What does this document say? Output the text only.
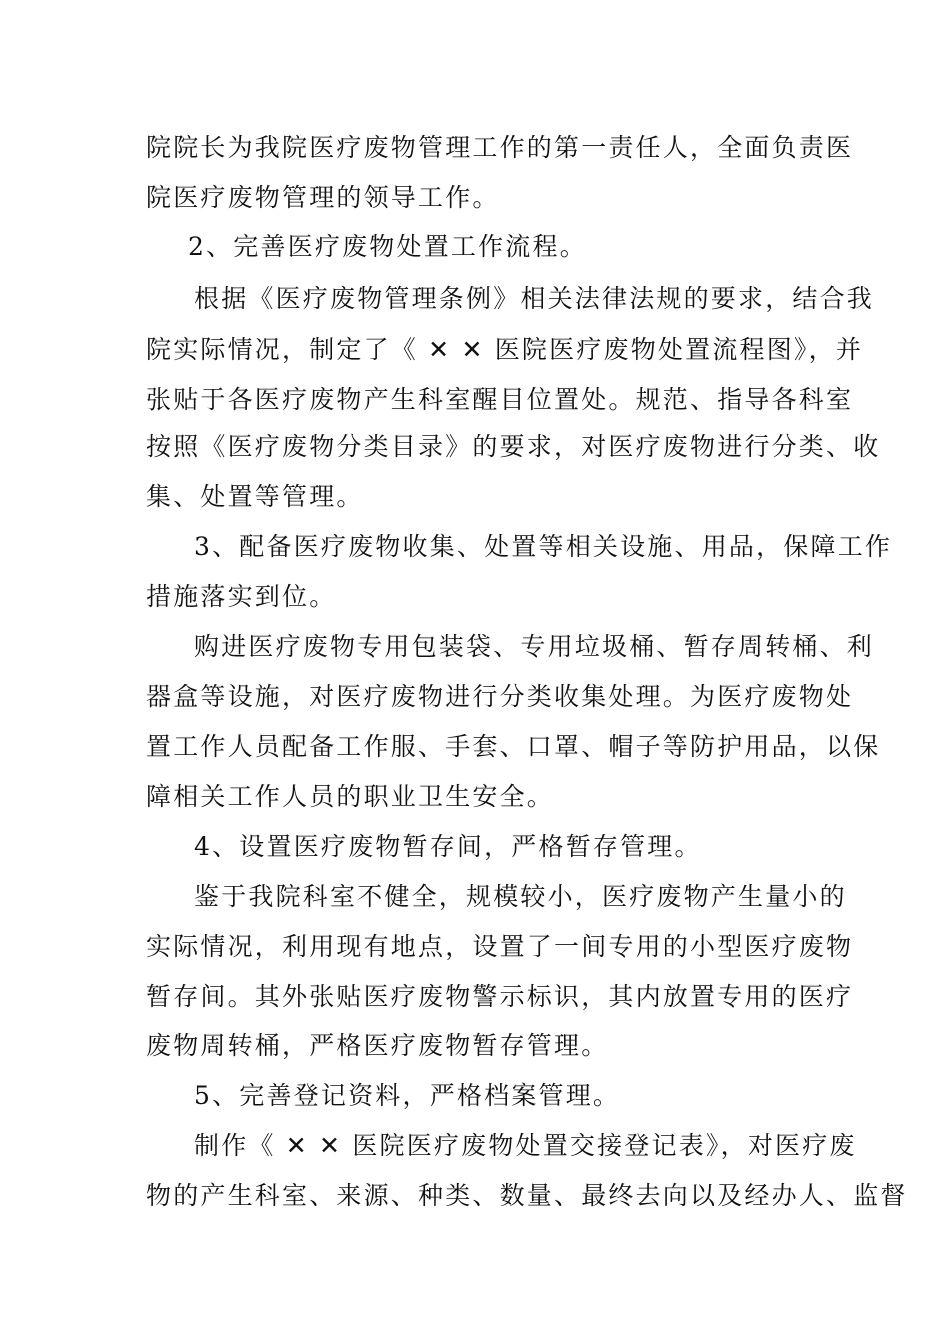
院院长为我院医疗废物管理工作的第一责任人，全面负责医
院医疗废物管理的领导工作。
2、完善医疗废物处置工作流程。
根据《医疗废物管理条例》相关法律法规的要求，结合我
院实际情况，制定了《 ✕ ✕ 医院医疗废物处置流程图》，并
张贴于各医疗废物产生科室醒目位置处。规范、指导各科室
按照《医疗废物分类目录》的要求，对医疗废物进行分类、收
集、处置等管理。
3、配备医疗废物收集、处置等相关设施、用品，保障工作
措施落实到位。
购进医疗废物专用包装袋、专用垃圾桶、暂存周转桶、利
器盒等设施，对医疗废物进行分类收集处理。为医疗废物处
置工作人员配备工作服、手套、口罩、帽子等防护用品，以保
障相关工作人员的职业卫生安全。
4、设置医疗废物暂存间，严格暂存管理。
鉴于我院科室不健全，规模较小，医疗废物产生量小的
实际情况，利用现有地点，设置了一间专用的小型医疗废物
暂存间。其外张贴医疗废物警示标识，其内放置专用的医疗
废物周转桶，严格医疗废物暂存管理。
5、完善登记资料，严格档案管理。
制作《 ✕ ✕ 医院医疗废物处置交接登记表》，对医疗废
物的产生科室、来源、种类、数量、最终去向以及经办人、监督
